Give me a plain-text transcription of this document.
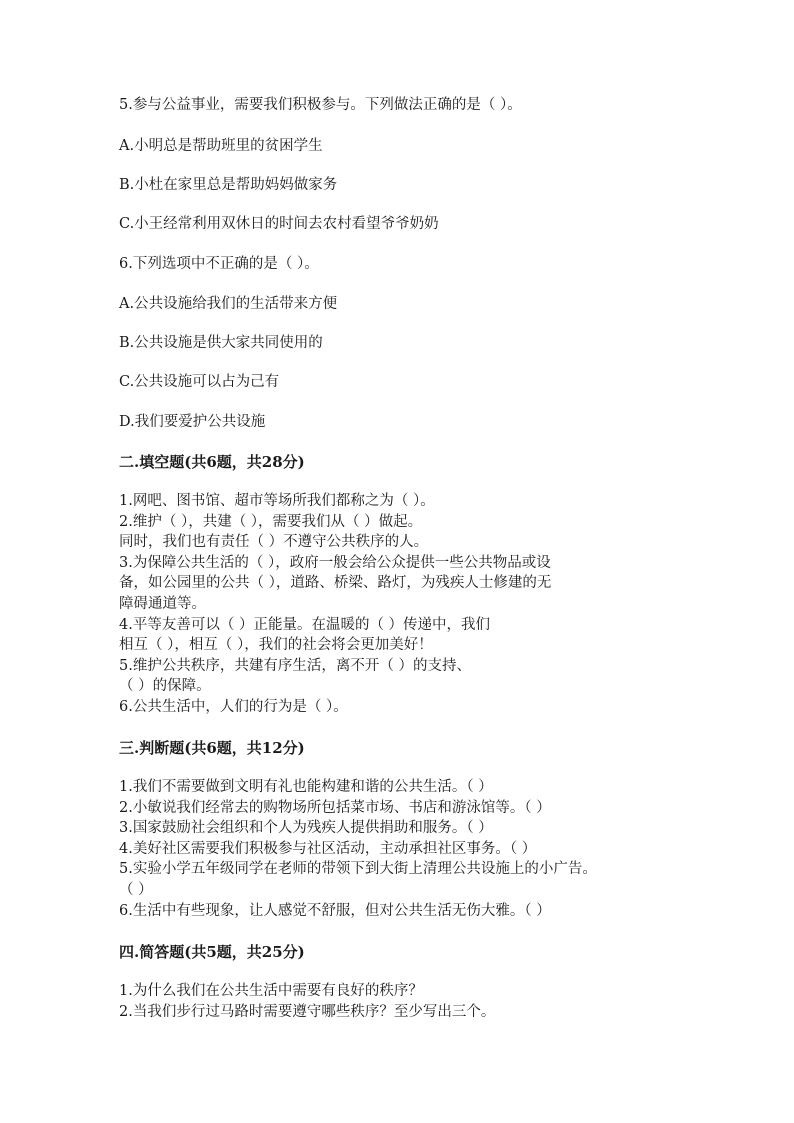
5.参与公益事业，需要我们积极参与。下列做法正确的是（ ）。

A.小明总是帮助班里的贫困学生

B.小杜在家里总是帮助妈妈做家务

C.小王经常利用双休日的时间去农村看望爷爷奶奶

6.下列选项中不正确的是（ ）。

A.公共设施给我们的生活带来方便

B.公共设施是供大家共同使用的

C.公共设施可以占为己有

D.我们要爱护公共设施

二.填空题(共6题，共28分)

1.网吧、图书馆、超市等场所我们都称之为（ ）。
2.维护（ ），共建（ ），需要我们从（ ）做起。
同时，我们也有责任（ ）不遵守公共秩序的人。
3.为保障公共生活的（ ），政府一般会给公众提供一些公共物品或设
备，如公园里的公共（ ），道路、桥梁、路灯，为残疾人士修建的无
障碍通道等。
4.平等友善可以（ ）正能量。在温暖的（ ）传递中，我们
相互（ ），相互（ ），我们的社会将会更加美好！
5.维护公共秩序，共建有序生活，离不开（ ）的支持、
（ ）的保障。
6.公共生活中，人们的行为是（ ）。

三.判断题(共6题，共12分)

1.我们不需要做到文明有礼也能构建和谐的公共生活。（ ）
2.小敏说我们经常去的购物场所包括菜市场、书店和游泳馆等。（ ）
3.国家鼓励社会组织和个人为残疾人提供捐助和服务。（ ）
4.美好社区需要我们积极参与社区活动，主动承担社区事务。（ ）
5.实验小学五年级同学在老师的带领下到大街上清理公共设施上的小广告。
（ ）
6.生活中有些现象，让人感觉不舒服，但对公共生活无伤大雅。（ ）

四.简答题(共5题，共25分)

1.为什么我们在公共生活中需要有良好的秩序？
2.当我们步行过马路时需要遵守哪些秩序？至少写出三个。
